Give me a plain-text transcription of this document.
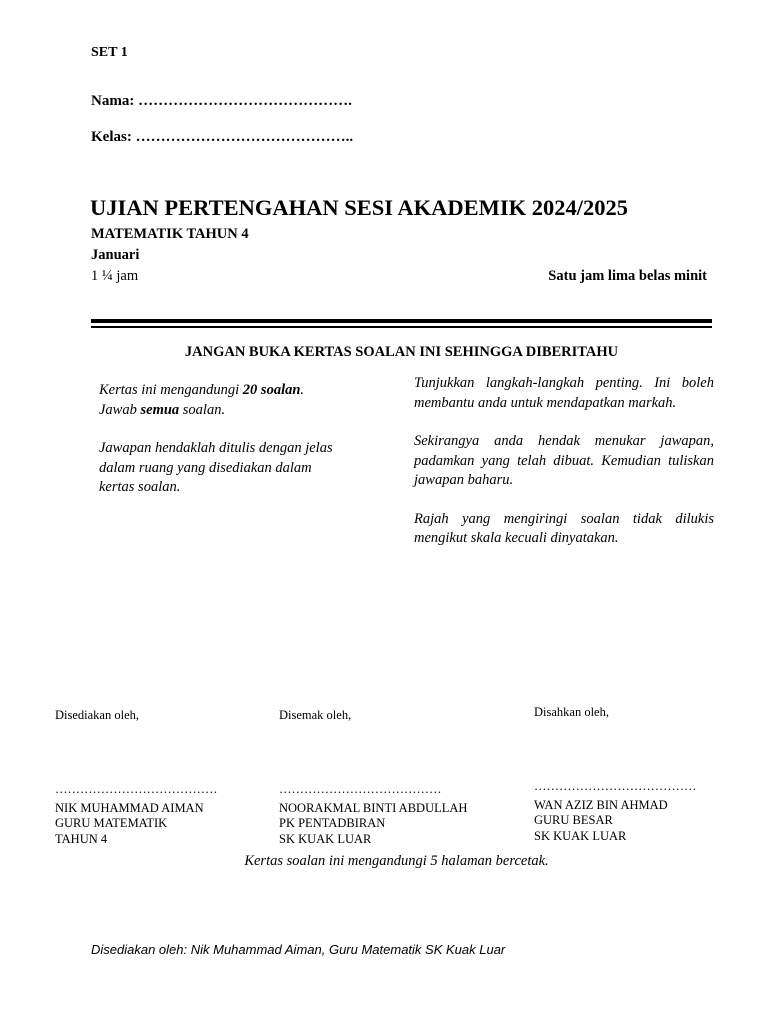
SET 1
Nama: …………………………………….
Kelas: ……………………………………..
UJIAN PERTENGAHAN SESI AKADEMIK 2024/2025
MATEMATIK TAHUN 4
Januari
1 ¼ jam	Satu jam lima belas minit
JANGAN BUKA KERTAS SOALAN INI SEHINGGA DIBERITAHU

Kertas ini mengandungi 20 soalan.
Jawab semua soalan.

Jawapan hendaklah ditulis dengan jelas dalam ruang yang disediakan dalam kertas soalan.

Tunjukkan langkah-langkah penting. Ini boleh membantu anda untuk mendapatkan markah.

Sekirangya anda hendak menukar jawapan, padamkan yang telah dibuat. Kemudian tuliskan jawapan baharu.

Rajah yang mengiringi soalan tidak dilukis mengikut skala kecuali dinyatakan.

Disediakan oleh,	Disemak oleh,	Disahkan oleh,
…………………………………
NIK MUHAMMAD AIMAN
GURU MATEMATIK
TAHUN 4
…………………………………
NOORAKMAL BINTI ABDULLAH
PK PENTADBIRAN
SK KUAK LUAR
…………………………………
WAN AZIZ BIN AHMAD
GURU BESAR
SK KUAK LUAR
Kertas soalan ini mengandungi 5 halaman bercetak.
Disediakan oleh: Nik Muhammad Aiman, Guru Matematik SK Kuak Luar
